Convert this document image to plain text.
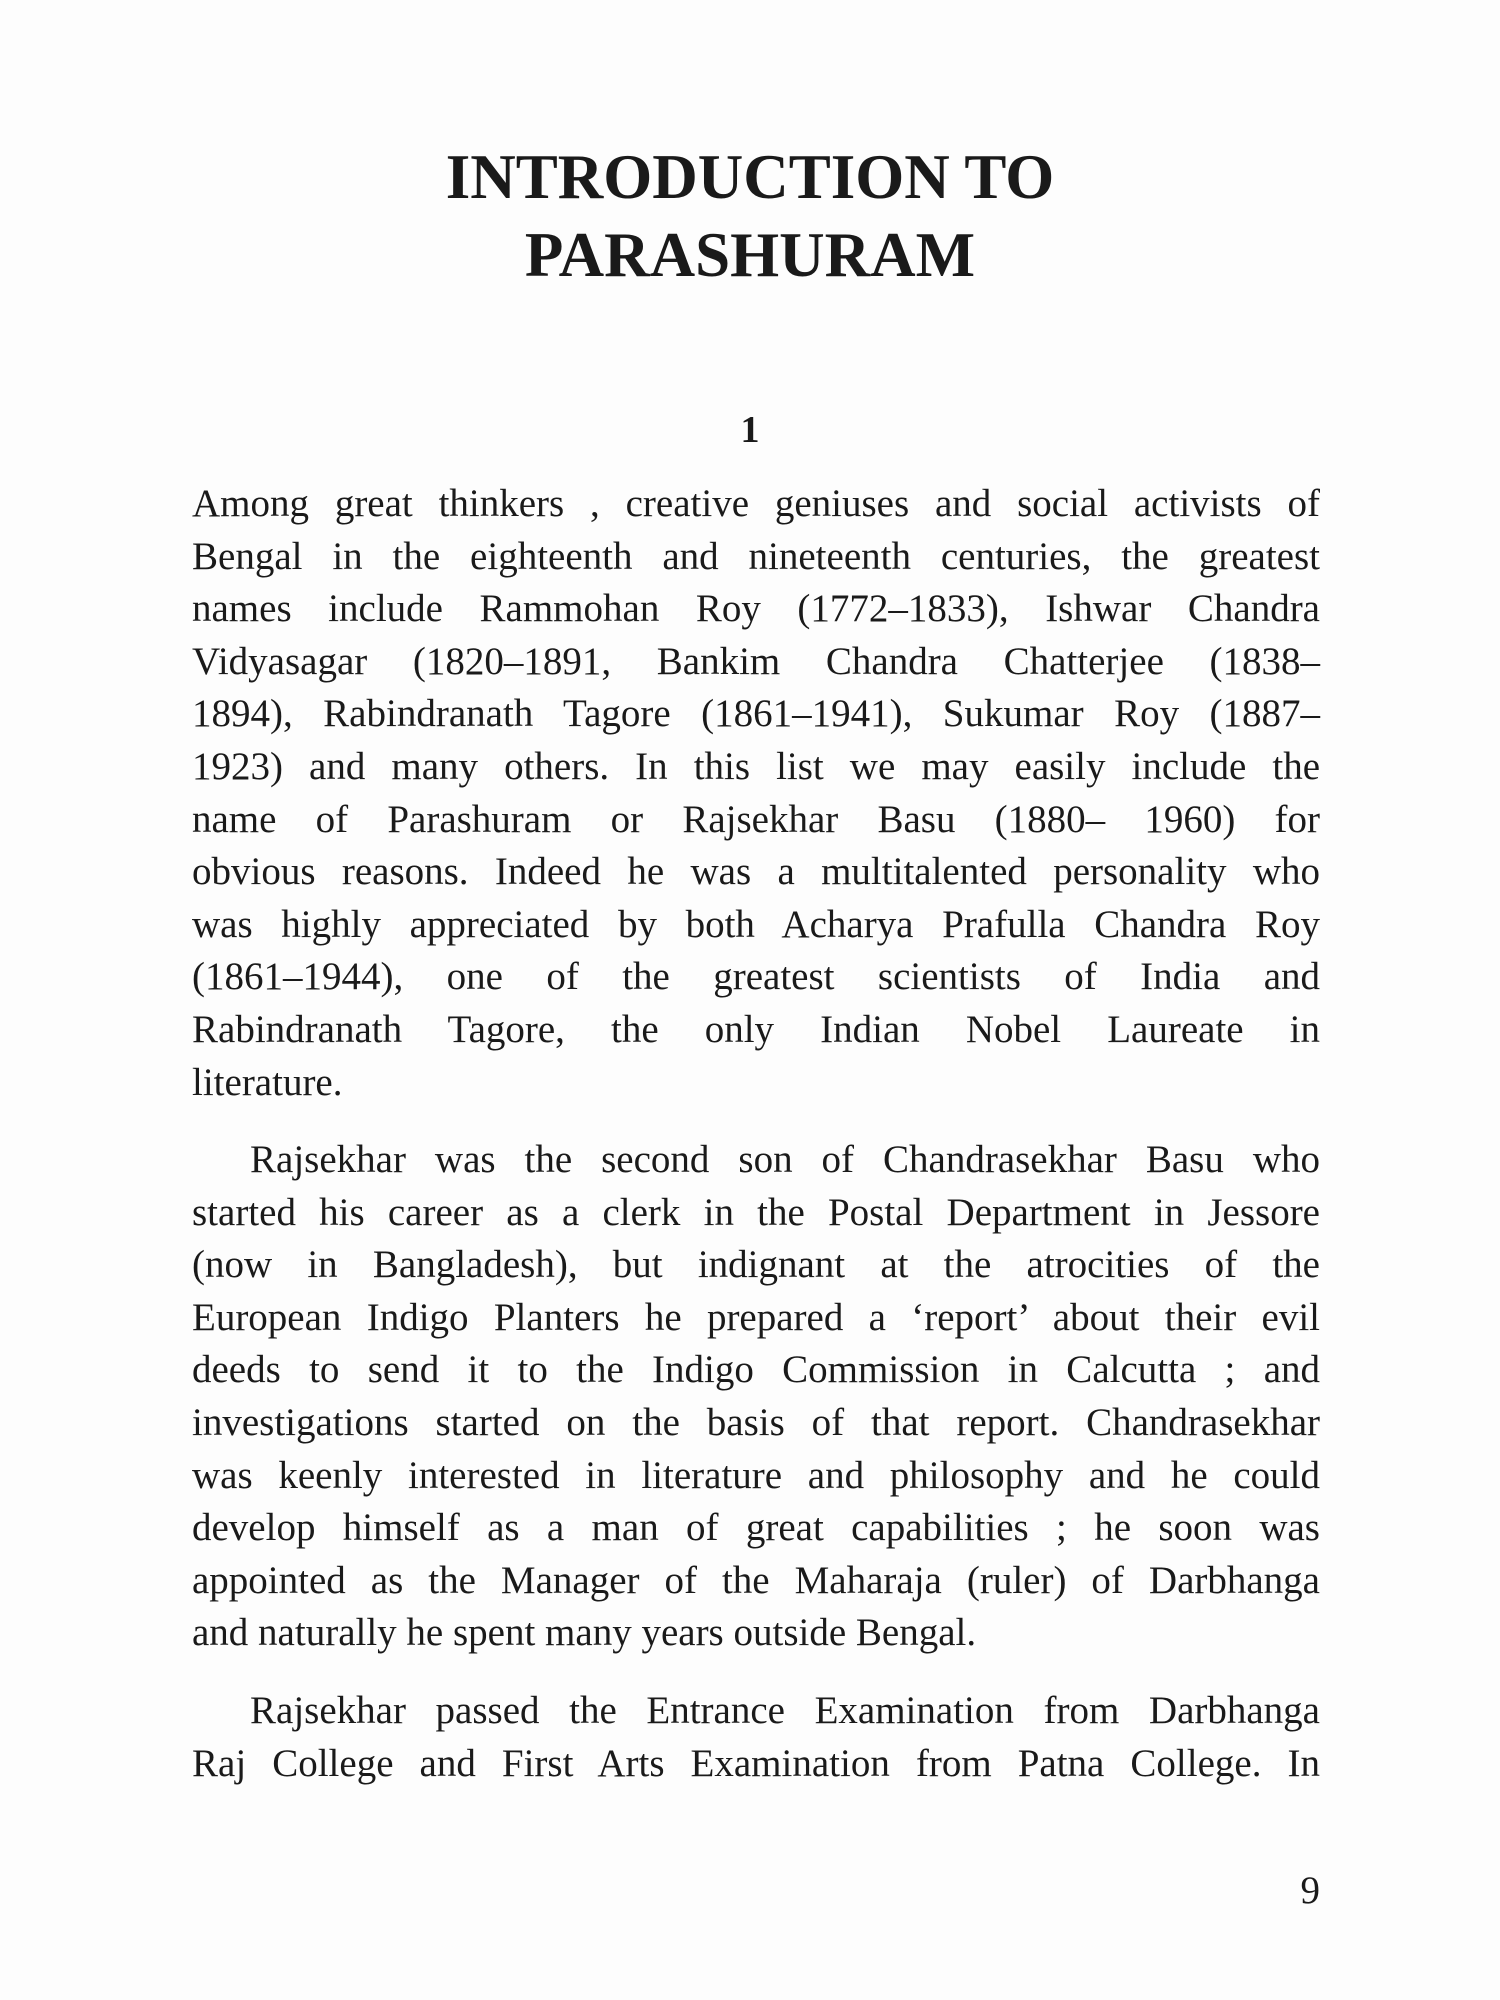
INTRODUCTION TO
PARASHURAM
1
Among great thinkers , creative geniuses and social activists of
Bengal in the eighteenth and nineteenth centuries, the greatest
names include Rammohan Roy (1772–1833), Ishwar Chandra
Vidyasagar (1820–1891, Bankim Chandra Chatterjee (1838–
1894), Rabindranath Tagore (1861–1941), Sukumar Roy (1887–
1923) and many others. In this list we may easily include the
name of Parashuram or Rajsekhar Basu (1880– 1960) for
obvious reasons. Indeed he was a multitalented personality who
was highly appreciated by both Acharya Prafulla Chandra Roy
(1861–1944), one of the greatest scientists of India and
Rabindranath Tagore, the only Indian Nobel Laureate in
literature.
Rajsekhar was the second son of Chandrasekhar Basu who
started his career as a clerk in the Postal Department in Jessore
(now in Bangladesh), but indignant at the atrocities of the
European Indigo Planters he prepared a ‘report’ about their evil
deeds to send it to the Indigo Commission in Calcutta ; and
investigations started on the basis of that report. Chandrasekhar
was keenly interested in literature and philosophy and he could
develop himself as a man of great capabilities ; he soon was
appointed as the Manager of the Maharaja (ruler) of Darbhanga
and naturally he spent many years outside Bengal.
Rajsekhar passed the Entrance Examination from Darbhanga
Raj College and First Arts Examination from Patna College. In
9
